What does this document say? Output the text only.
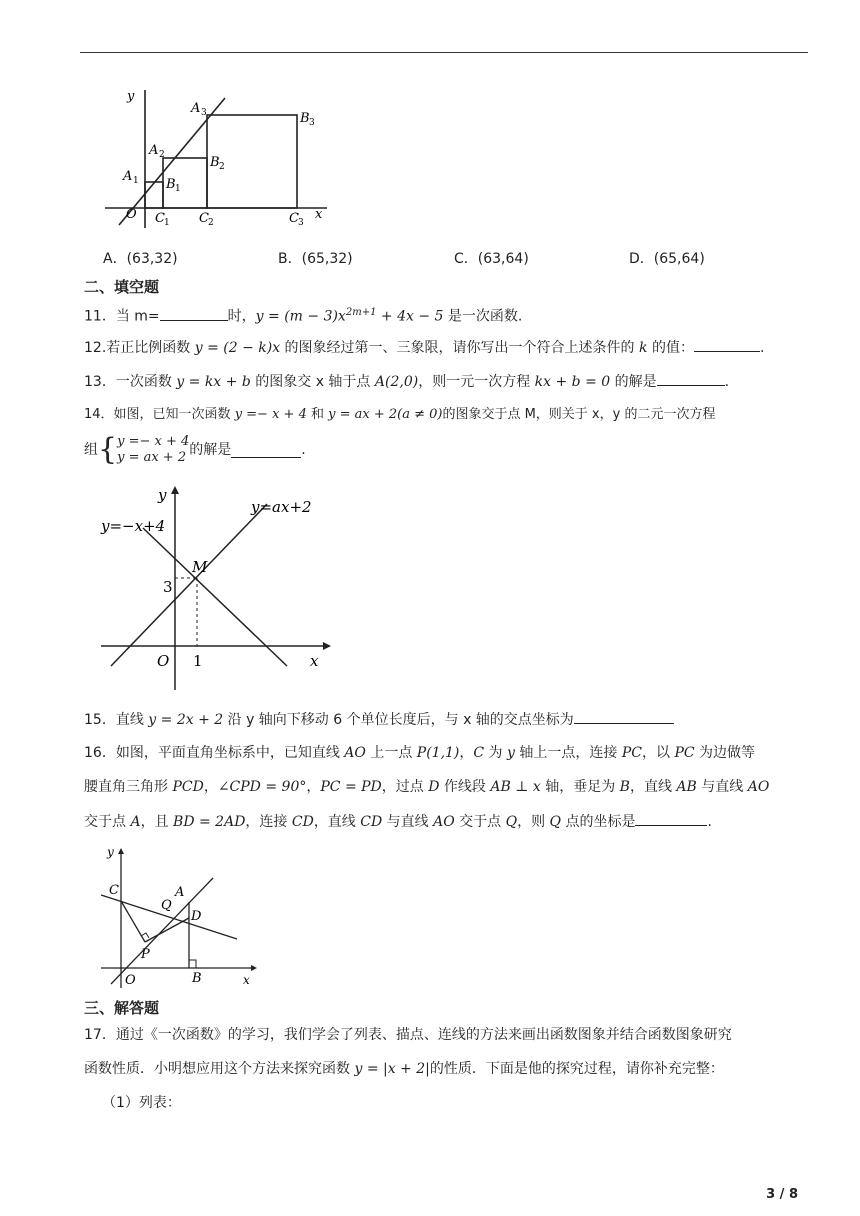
y
x
O
A 1
A 2
A 3
B 1
B 2
B 3
C 1 C 2	C 3
A．(63,32)	B．(65,32)	C．(63,64)	D．(65,64)
二、填空题
11．当 m=	时，$y = (m - 3)x^{2m+1} + 4x - 5$ 是一次函数.
12.若正比例函数 y = (2 − k)x 的图象经过第一、三象限，请你写出一个符合上述条件的 k 的值：	.
13．一次函数 y = kx + b 的图象交 x 轴于点 A(2,0)，则一元一次方程 kx + b = 0 的解是	.
14．如图，已知一次函数 y =− x + 4 和 y = ax + 2(a ≠ 0)的图象交于点 M，则关于 x，y 的二元一次方程
组{ y =− x + 4
y = ax + 2 的解是	.
y
x
O
M
y=−x+4
y=ax+2
3
1
15．直线 y = 2x + 2 沿 y 轴向下移动 6 个单位长度后，与 x 轴的交点坐标为
16．如图，平面直角坐标系中，已知直线 AO 上一点 P(1,1)，C 为 y 轴上一点，连接 PC，以 PC 为边做等
腰直角三角形 PCD，∠CPD = 90°，PC = PD，过点 D 作线段 AB ⊥ x 轴，垂足为 B，直线 AB 与直线 AO
交于点 A，且 BD = 2AD，连接 CD，直线 CD 与直线 AO 交于点 Q，则 Q 点的坐标是	.
y
x
O
C	A
Q
D
P
B
三、解答题
17．通过《一次函数》的学习，我们学会了列表、描点、连线的方法来画出函数图象并结合函数图象研究
函数性质．小明想应用这个方法来探究函数 y = |x + 2|的性质．下面是他的探究过程，请你补充完整：
（1）列表：
3 / 8
